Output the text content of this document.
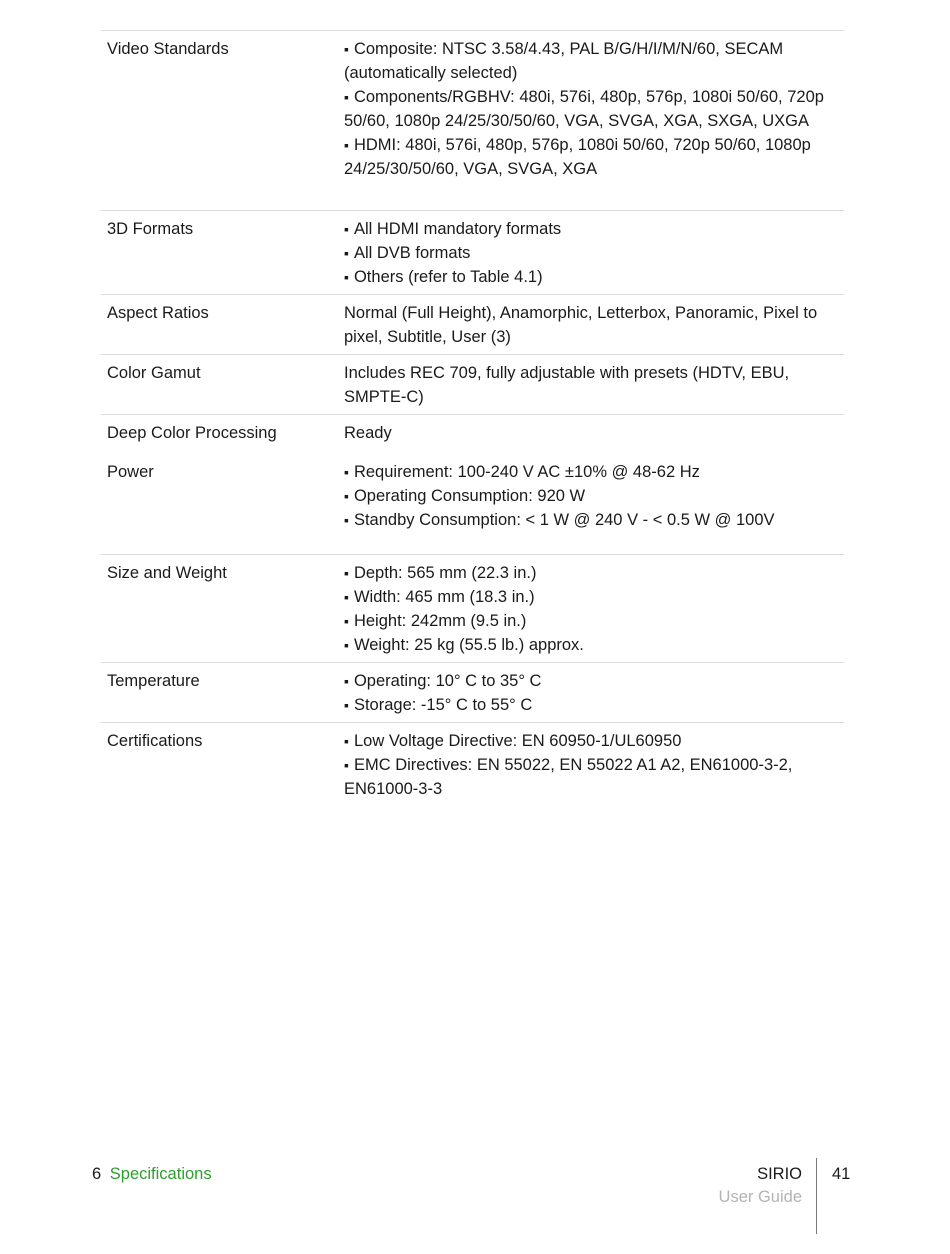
Video Standards	▪ Composite: NTSC 3.58/4.43, PAL B/G/H/I/M/N/60, SECAM (automatically selected)
▪ Components/RGBHV: 480i, 576i, 480p, 576p, 1080i 50/60, 720p 50/60, 1080p 24/25/30/50/60, VGA, SVGA, XGA, SXGA, UXGA
▪ HDMI: 480i, 576i, 480p, 576p, 1080i 50/60, 720p 50/60, 1080p 24/25/30/50/60, VGA, SVGA, XGA
3D Formats	▪ All HDMI mandatory formats
▪ All DVB formats
▪ Others (refer to Table 4.1)
Aspect Ratios	Normal (Full Height), Anamorphic, Letterbox, Panoramic, Pixel to pixel, Subtitle, User (3)
Color Gamut	Includes REC 709, fully adjustable with presets (HDTV, EBU, SMPTE-C)
Deep Color Processing	Ready
Power	▪ Requirement: 100-240 V AC ±10% @ 48-62 Hz
▪ Operating Consumption: 920 W
▪ Standby Consumption: < 1 W @ 240 V - < 0.5 W @ 100V
Size and Weight	▪ Depth: 565 mm (22.3 in.)
▪ Width: 465 mm (18.3 in.)
▪ Height: 242mm (9.5 in.)
▪ Weight: 25 kg (55.5 lb.) approx.
Temperature	▪ Operating: 10° C to 35° C
▪ Storage: -15° C to 55° C
Certifications	▪ Low Voltage Directive: EN 60950-1/UL60950
▪ EMC Directives: EN 55022, EN 55022 A1 A2, EN61000-3-2, EN61000-3-3
6 Specifications	SIRIO
User Guide
41
